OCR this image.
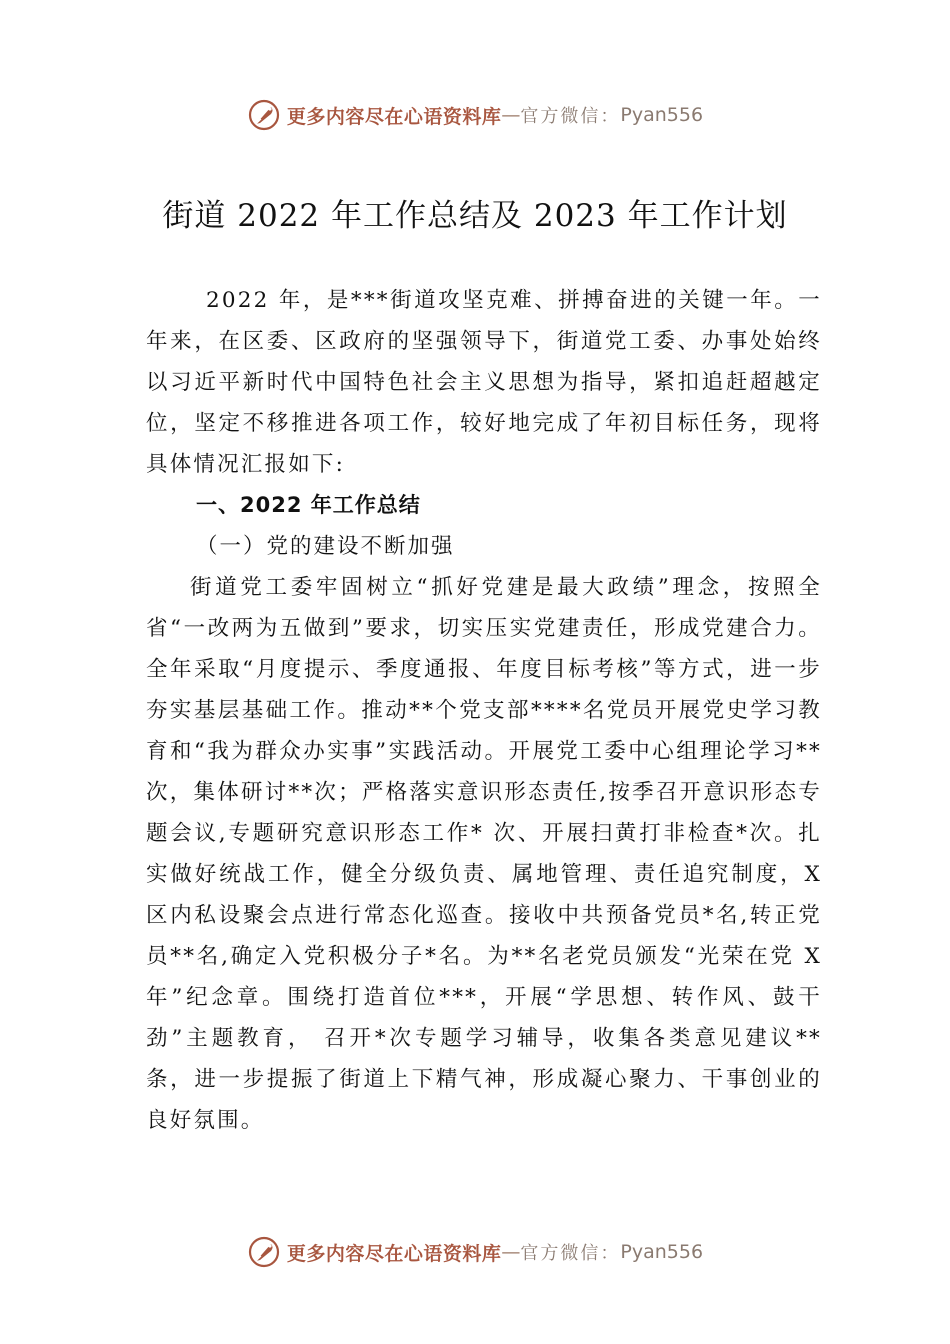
更多内容尽在心语资料库 — 官方微信： Pyan556
街道 2022 年工作总结及 2023 年工作计划

2022 年，是***街道攻坚克难、拼搏奋进的关键一年。一年来，在区委、区政府的坚强领导下，街道党工委、办事处始终以习近平新时代中国特色社会主义思想为指导，紧扣追赶超越定位，坚定不移推进各项工作，较好地完成了年初目标任务，现将具体情况汇报如下:

一、2022 年工作总结
（一）党的建设不断加强

街道党工委牢固树立“抓好党建是最大政绩”理念，按照全省“一改两为五做到”要求，切实压实党建责任，形成党建合力。全年采取“月度提示、季度通报、年度目标考核”等方式，进一步夯实基层基础工作。推动**个党支部****名党员开展党史学习教育和“我为群众办实事”实践活动。开展党工委中心组理论学习**次，集体研讨**次；严格落实意识形态责任,按季召开意识形态专题会议,专题研究意识形态工作* 次、开展扫黄打非检查*次。扎实做好统战工作，健全分级负责、属地管理、责任追究制度，X 区内私设聚会点进行常态化巡查。接收中共预备党员*名,转正党员**名,确定入党积极分子*名。为**名老党员颁发“光荣在党 X 年”纪念章。围绕打造首位***，开展“学思想、转作风、鼓干劲”主题教育， 召开*次专题学习辅导，收集各类意见建议**条，进一步提振了街道上下精气神，形成凝心聚力、干事创业的良好氛围。

更多内容尽在心语资料库 — 官方微信： Pyan556
